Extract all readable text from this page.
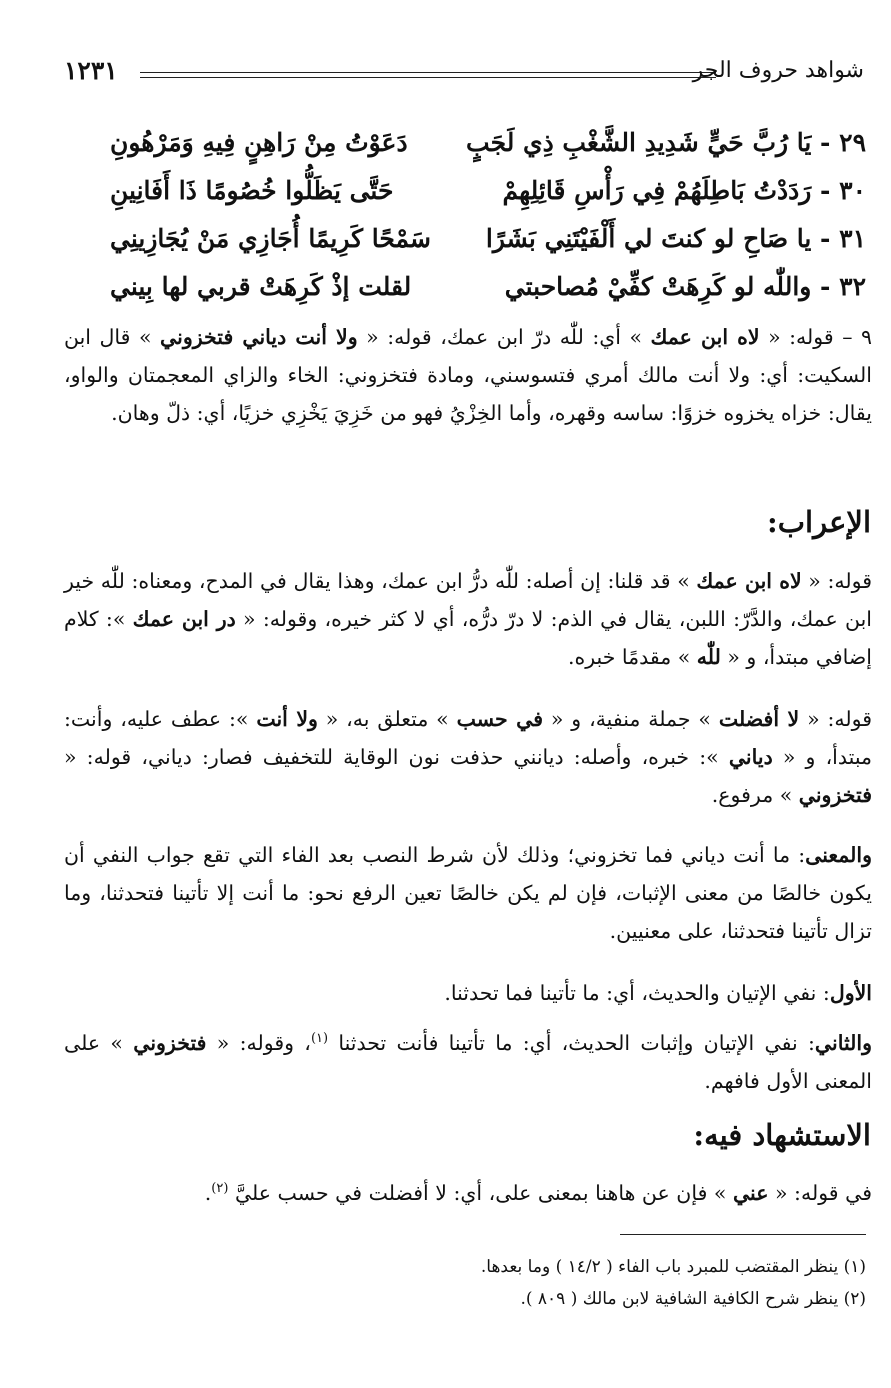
١٢٣١	شواهد حروف الجر
٢٩ - يَا رُبَّ حَيٍّ شَدِيدِ الشَّغْبِ ذِي لَجَبٍ
دَعَوْتُ مِنْ رَاهِنٍ فِيهِ وَمَرْهُونِ
٣٠ - رَدَدْتُ بَاطِلَهُمْ فِي رَأْسِ قَائِلِهِمْ
حَتَّى يَظَلُّوا خُصُومًا ذَا أَفَانِينِ
٣١ - يا صَاحِ لو كنتَ لي أَلْفَيْتَنِي بَشَرًا
سَمْحًا كَرِيمًا أُجَازِي مَنْ يُجَازِينِي
٣٢ - واللّٰه لو كَرِهَتْ كفِّيْ مُصاحبتي
لقلت إذْ كَرِهَتْ قربي لها بِيني
٩ – قوله: « لاه ابن عمك » أي: للّٰه درّ ابن عمك، قوله: « ولا أنت دياني فتخزوني » قال ابن السكيت: أي: ولا أنت مالك أمري فتسوسني، ومادة فتخزوني: الخاء والزاي المعجمتان والواو، يقال: خزاه يخزوه خزوًا: ساسه وقهره، وأما الخِزْيُ فهو من خَزِيَ يَخْزِي خزيًا، أي: ذلّ وهان.
الإعراب:
قوله: « لاه ابن عمك » قد قلنا: إن أصله: للّٰه درُّ ابن عمك، وهذا يقال في المدح، ومعناه: للّٰه خير ابن عمك، والدَّرّ: اللبن، يقال في الذم: لا درّ درُّه، أي لا كثر خيره، وقوله: « در ابن عمك »: كلام إضافي مبتدأ، و « للّٰه » مقدمًا خبره.
قوله: « لا أفضلت » جملة منفية، و « في حسب » متعلق به، « ولا أنت »: عطف عليه، وأنت: مبتدأ، و « دياني »: خبره، وأصله: ديانني حذفت نون الوقاية للتخفيف فصار: دياني، قوله: « فتخزوني » مرفوع.
والمعنى: ما أنت دياني فما تخزوني؛ وذلك لأن شرط النصب بعد الفاء التي تقع جواب النفي أن يكون خالصًا من معنى الإثبات، فإن لم يكن خالصًا تعين الرفع نحو: ما أنت إلا تأتينا فتحدثنا، وما تزال تأتينا فتحدثنا، على معنيين.
الأول: نفي الإتيان والحديث، أي: ما تأتينا فما تحدثنا.
والثاني: نفي الإتيان وإثبات الحديث، أي: ما تأتينا فأنت تحدثنا $^{(١)}$، وقوله: « فتخزوني » على المعنى الأول فافهم.
الاستشهاد فيه:
في قوله: « عني » فإن عن هاهنا بمعنى على، أي: لا أفضلت في حسب عليَّ $^{(٢)}$.
(١) ينظر المقتضب للمبرد باب الفاء ( ١٤/٢ ) وما بعدها.
(٢) ينظر شرح الكافية الشافية لابن مالك ( ٨٠٩ ).
